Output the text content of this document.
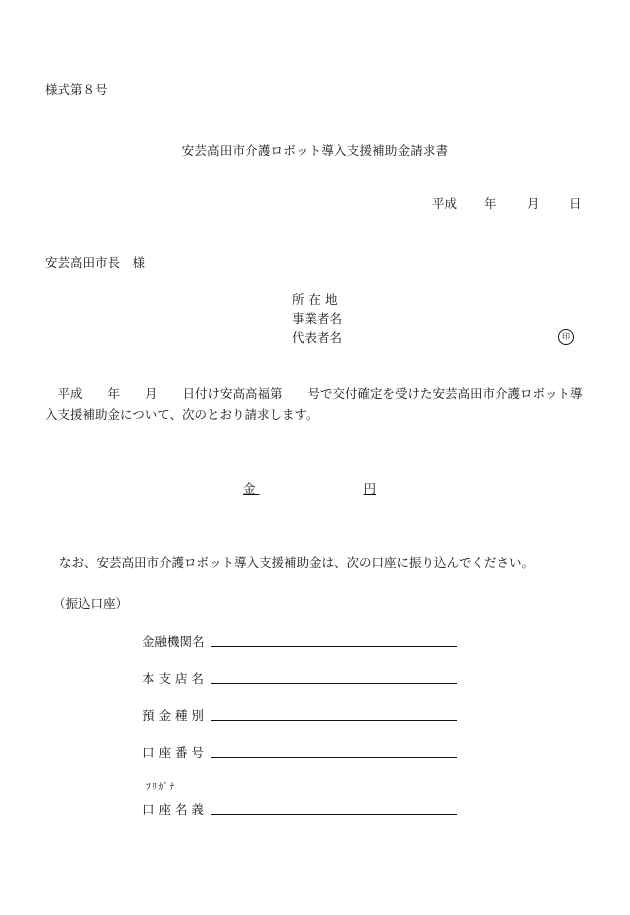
様式第８号
安芸高田市介護ロボット導入支援補助金請求書
平成 年 月 日
安芸高田市長　様
所 在 地
事業者名
代表者名	印
　平成　　年　　月　　日付け安高高福第　　号で交付確定を受けた安芸高田市介護ロボット導入支援補助金について、次のとおり請求します。
金	円
なお、安芸高田市介護ロボット導入支援補助金は、次の口座に振り込んでください。
（振込口座）
金融機関名
本 支 店 名
預 金 種 別
口 座 番 号
ﾌﾘｶﾞﾅ
口 座 名 義
